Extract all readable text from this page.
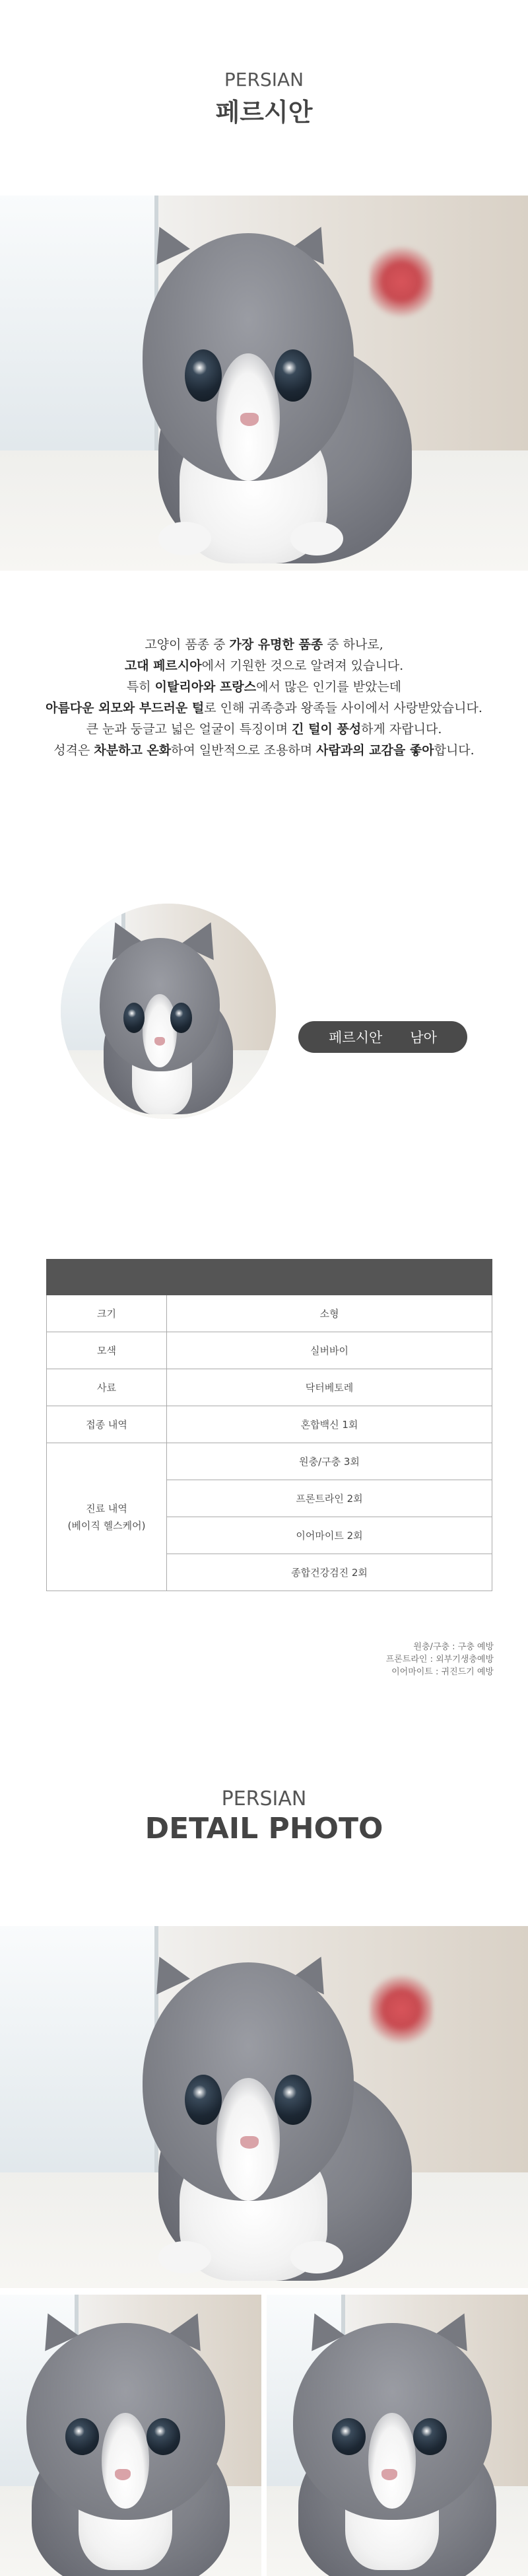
PERSIAN
페르시안

고양이 품종 중 가장 유명한 품종 중 하나로,

고대 페르시아에서 기원한 것으로 알려져 있습니다.

특히 이탈리아와 프랑스에서 많은 인기를 받았는데

아름다운 외모와 부드러운 털로 인해 귀족층과 왕족들 사이에서 사랑받았습니다.

큰 눈과 둥글고 넓은 얼굴이 특징이며 긴 털이 풍성하게 자랍니다.

성격은 차분하고 온화하여 일반적으로 조용하며 사람과의 교감을 좋아합니다.

페르시안 남아

크기	소형
모색	실버바이
사료	닥터베토레
접종 내역	혼합백신 1회

진료 내역
(베이직 헬스케어)	원충/구충 3회
	프론트라인 2회
	이어마이트 2회
	종합건강검진 2회
원충/구충 : 구충 예방
프론트라인 : 외부기생충예방
이어마이트 : 귀진드기 예방
PERSIAN
DETAIL PHOTO
